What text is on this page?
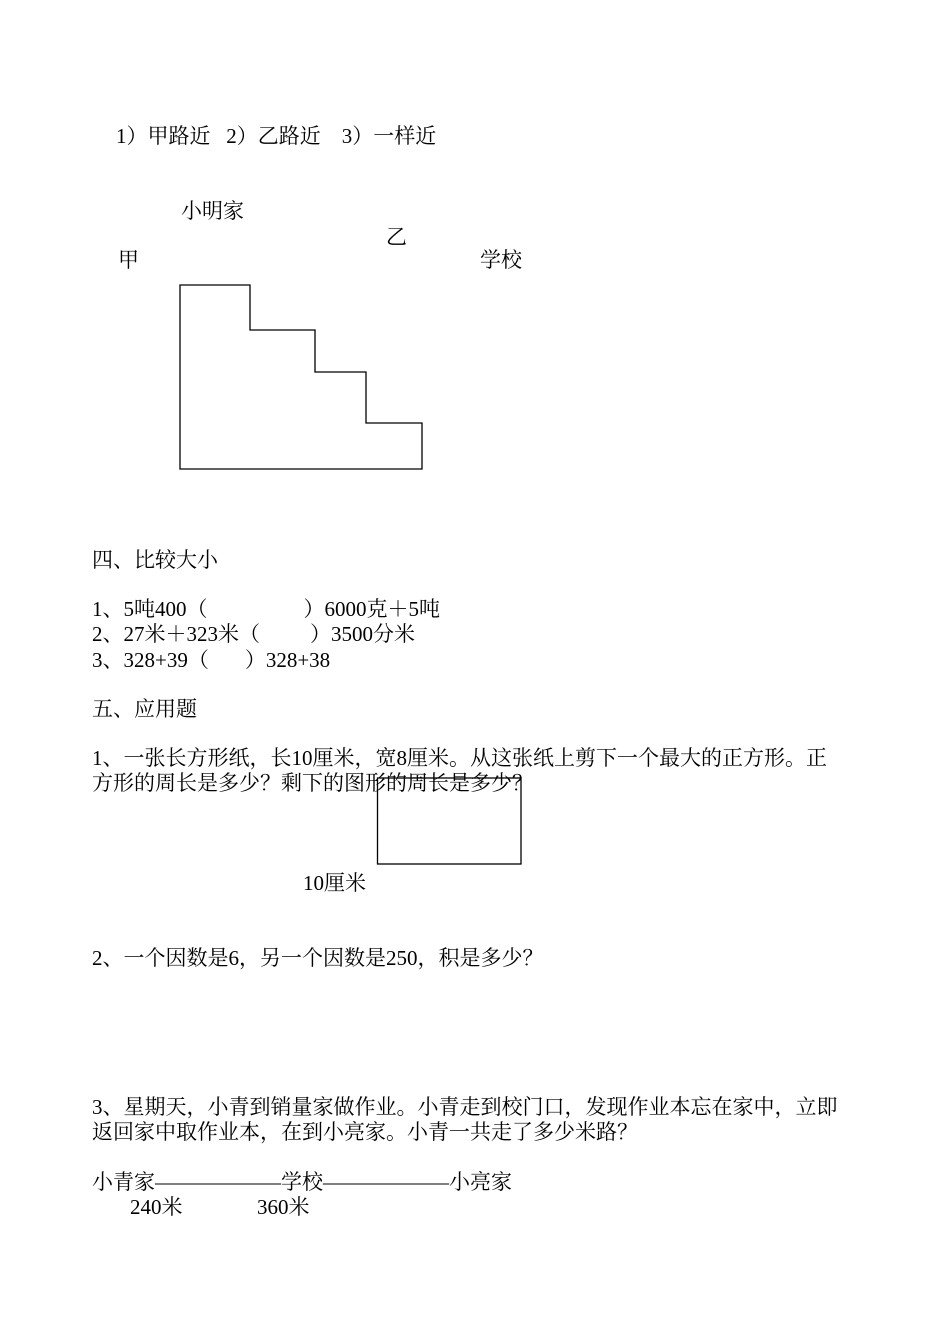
1）甲路近   2）乙路近    3）一样近
小明家
乙
甲	学校
四、比较大小
1、5吨400（	）6000克＋5吨
2、27米＋323米（ ）3500分米
3、328+39（ ）328+38
五、应用题
1、一张长方形纸，长10厘米，宽8厘米。从这张纸上剪下一个最大的正方形。正
方形的周长是多少？剩下的图形的周长是多少？
10厘米
2、一个因数是6，另一个因数是250，积是多少？
3、星期天，小青到销量家做作业。小青走到校门口，发现作业本忘在家中，立即
返回家中取作业本，在到小亮家。小青一共走了多少米路？
小青家——————学校——————小亮家
240米	360米
